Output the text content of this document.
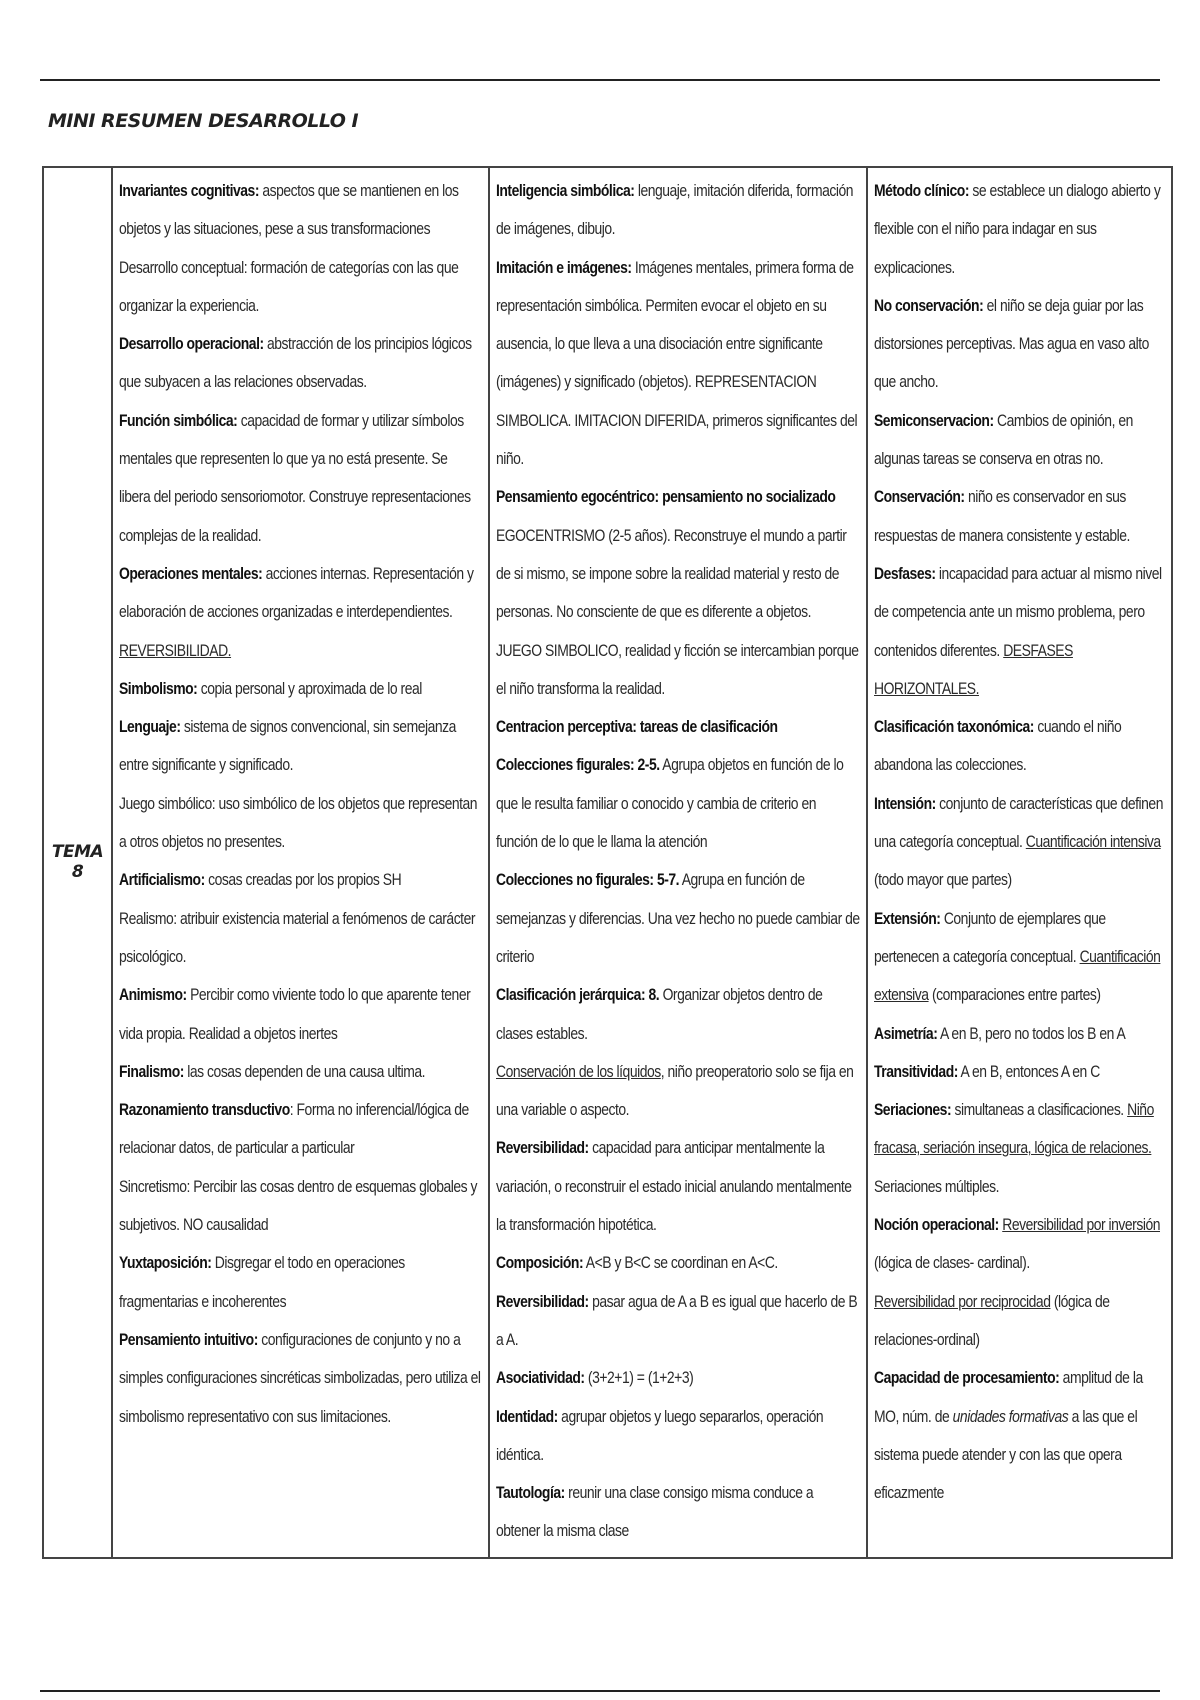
MINI RESUMEN DESARROLLO I
TEMA 8	
Invariantes cognitivas: aspectos que se mantienen en los objetos y las situaciones, pese a sus transformaciones
Desarrollo conceptual: formación de categorías con las que organizar la experiencia.
Desarrollo operacional: abstracción de los principios lógicos que subyacen a las relaciones observadas.
Función simbólica: capacidad de formar y utilizar símbolos mentales que representen lo que ya no está presente. Se libera del periodo sensoriomotor. Construye representaciones complejas de la realidad.
Operaciones mentales: acciones internas. Representación y elaboración de acciones organizadas e interdependientes. REVERSIBILIDAD.
Simbolismo: copia personal y aproximada de lo real
Lenguaje: sistema de signos convencional, sin semejanza entre significante y significado.
Juego simbólico: uso simbólico de los objetos que representan a otros objetos no presentes.
Artificialismo: cosas creadas por los propios SH
Realismo: atribuir existencia material a fenómenos de carácter psicológico.
Animismo: Percibir como viviente todo lo que aparente tener vida propia. Realidad a objetos inertes
Finalismo: las cosas dependen de una causa ultima.
Razonamiento transductivo: Forma no inferencial/lógica de relacionar datos, de particular a particular
Sincretismo: Percibir las cosas dentro de esquemas globales y subjetivos. NO causalidad
Yuxtaposición: Disgregar el todo en operaciones fragmentarias e incoherentes
Pensamiento intuitivo: configuraciones de conjunto y no a simples configuraciones sincréticas simbolizadas, pero utiliza el simbolismo representativo con sus limitaciones.

Inteligencia simbólica: lenguaje, imitación diferida, formación de imágenes, dibujo.
Imitación e imágenes: Imágenes mentales, primera forma de representación simbólica. Permiten evocar el objeto en su ausencia, lo que lleva a una disociación entre significante (imágenes) y significado (objetos). REPRESENTACION SIMBOLICA. IMITACION DIFERIDA, primeros significantes del niño.
Pensamiento egocéntrico: pensamiento no socializado EGOCENTRISMO (2-5 años). Reconstruye el mundo a partir de si mismo, se impone sobre la realidad material y resto de personas. No consciente de que es diferente a objetos. JUEGO SIMBOLICO, realidad y ficción se intercambian porque el niño transforma la realidad.
Centracion perceptiva: tareas de clasificación
Colecciones figurales: 2-5. Agrupa objetos en función de lo que le resulta familiar o conocido y cambia de criterio en función de lo que le llama la atención
Colecciones no figurales: 5-7. Agrupa en función de semejanzas y diferencias. Una vez hecho no puede cambiar de criterio
Clasificación jerárquica: 8. Organizar objetos dentro de clases estables.
Conservación de los líquidos, niño preoperatorio solo se fija en una variable o aspecto.
Reversibilidad: capacidad para anticipar mentalmente la variación, o reconstruir el estado inicial anulando mentalmente la transformación hipotética.
Composición: A<B y B<C se coordinan en A<C.
Reversibilidad: pasar agua de A a B es igual que hacerlo de B a A.
Asociatividad: (3+2+1) = (1+2+3)
Identidad: agrupar objetos y luego separarlos, operación idéntica.
Tautología: reunir una clase consigo misma conduce a obtener la misma clase

Método clínico: se establece un dialogo abierto y flexible con el niño para indagar en sus explicaciones.
No conservación: el niño se deja guiar por las distorsiones perceptivas. Mas agua en vaso alto que ancho.
Semiconservacion: Cambios de opinión, en algunas tareas se conserva en otras no.
Conservación: niño es conservador en sus respuestas de manera consistente y estable.
Desfases: incapacidad para actuar al mismo nivel de competencia ante un mismo problema, pero contenidos diferentes. DESFASES HORIZONTALES.
Clasificación taxonómica: cuando el niño abandona las colecciones.
Intensión: conjunto de características que definen una categoría conceptual. Cuantificación intensiva (todo mayor que partes)
Extensión: Conjunto de ejemplares que pertenecen a categoría conceptual. Cuantificación extensiva (comparaciones entre partes)
Asimetría: A en B, pero no todos los B en A
Transitividad: A en B, entonces A en C
Seriaciones: simultaneas a clasificaciones. Niño fracasa, seriación insegura, lógica de relaciones. Seriaciones múltiples.
Noción operacional: Reversibilidad por inversión (lógica de clases- cardinal).
Reversibilidad por reciprocidad (lógica de relaciones-ordinal)
Capacidad de procesamiento: amplitud de la MO, núm. de unidades formativas a las que el sistema puede atender y con las que opera eficazmente
